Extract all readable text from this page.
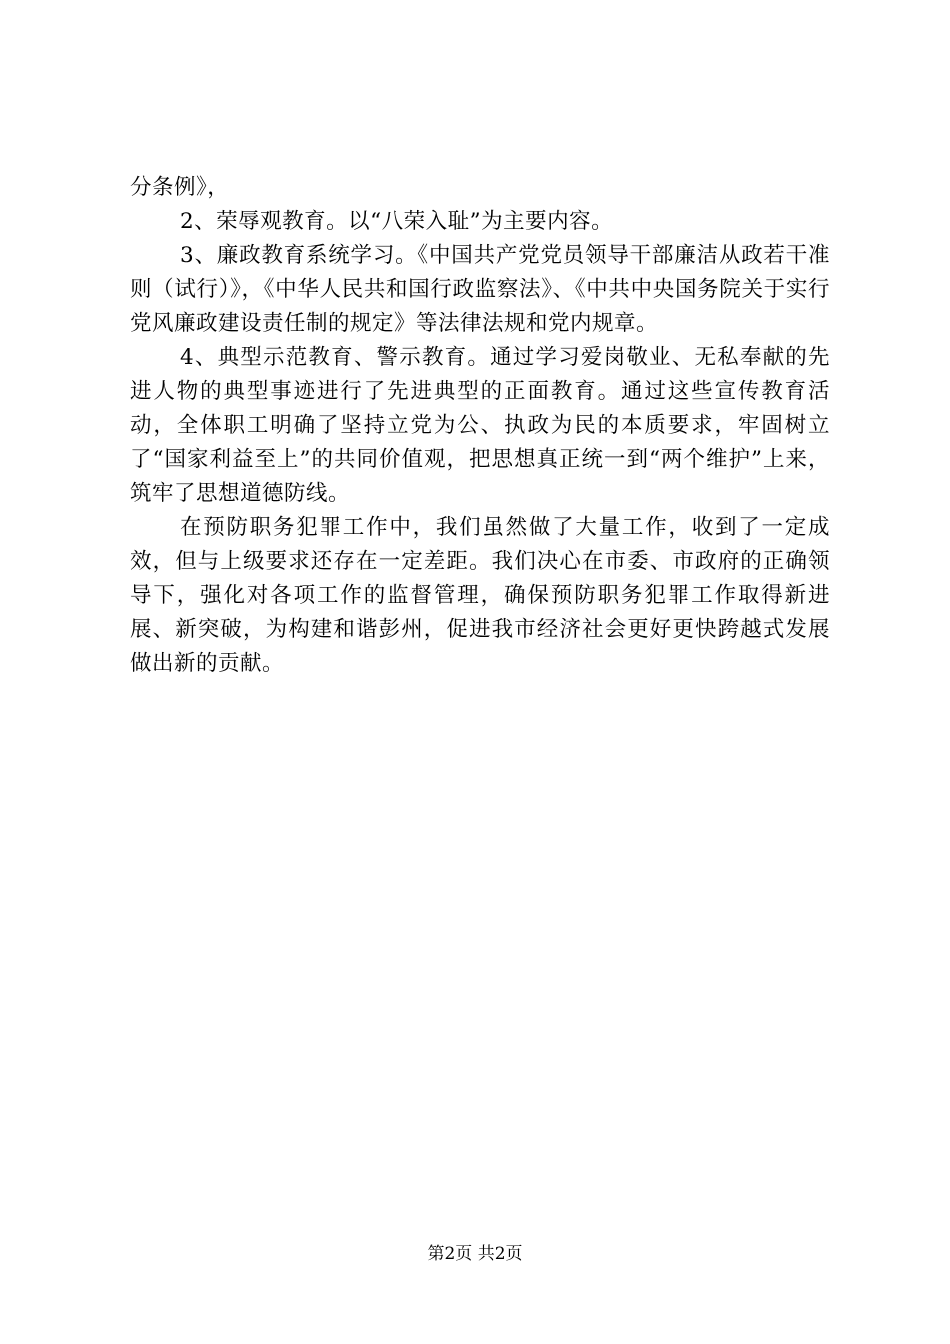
分条例》，

2、荣辱观教育。以“八荣入耻”为主要内容。

3、廉政教育系统学习。《中国共产党党员领导干部廉洁从政若干准则（试行）》，《中华人民共和国行政监察法》、《中共中央国务院关于实行党风廉政建设责任制的规定》等法律法规和党内规章。

4、典型示范教育、警示教育。通过学习爱岗敬业、无私奉献的先进人物的典型事迹进行了先进典型的正面教育。通过这些宣传教育活动，全体职工明确了坚持立党为公、执政为民的本质要求，牢固树立了“国家利益至上”的共同价值观，把思想真正统一到“两个维护”上来，筑牢了思想道德防线。

在预防职务犯罪工作中，我们虽然做了大量工作，收到了一定成效，但与上级要求还存在一定差距。我们决心在市委、市政府的正确领导下，强化对各项工作的监督管理，确保预防职务犯罪工作取得新进展、新突破，为构建和谐彭州，促进我市经济社会更好更快跨越式发展做出新的贡献。

第2页 共2页
